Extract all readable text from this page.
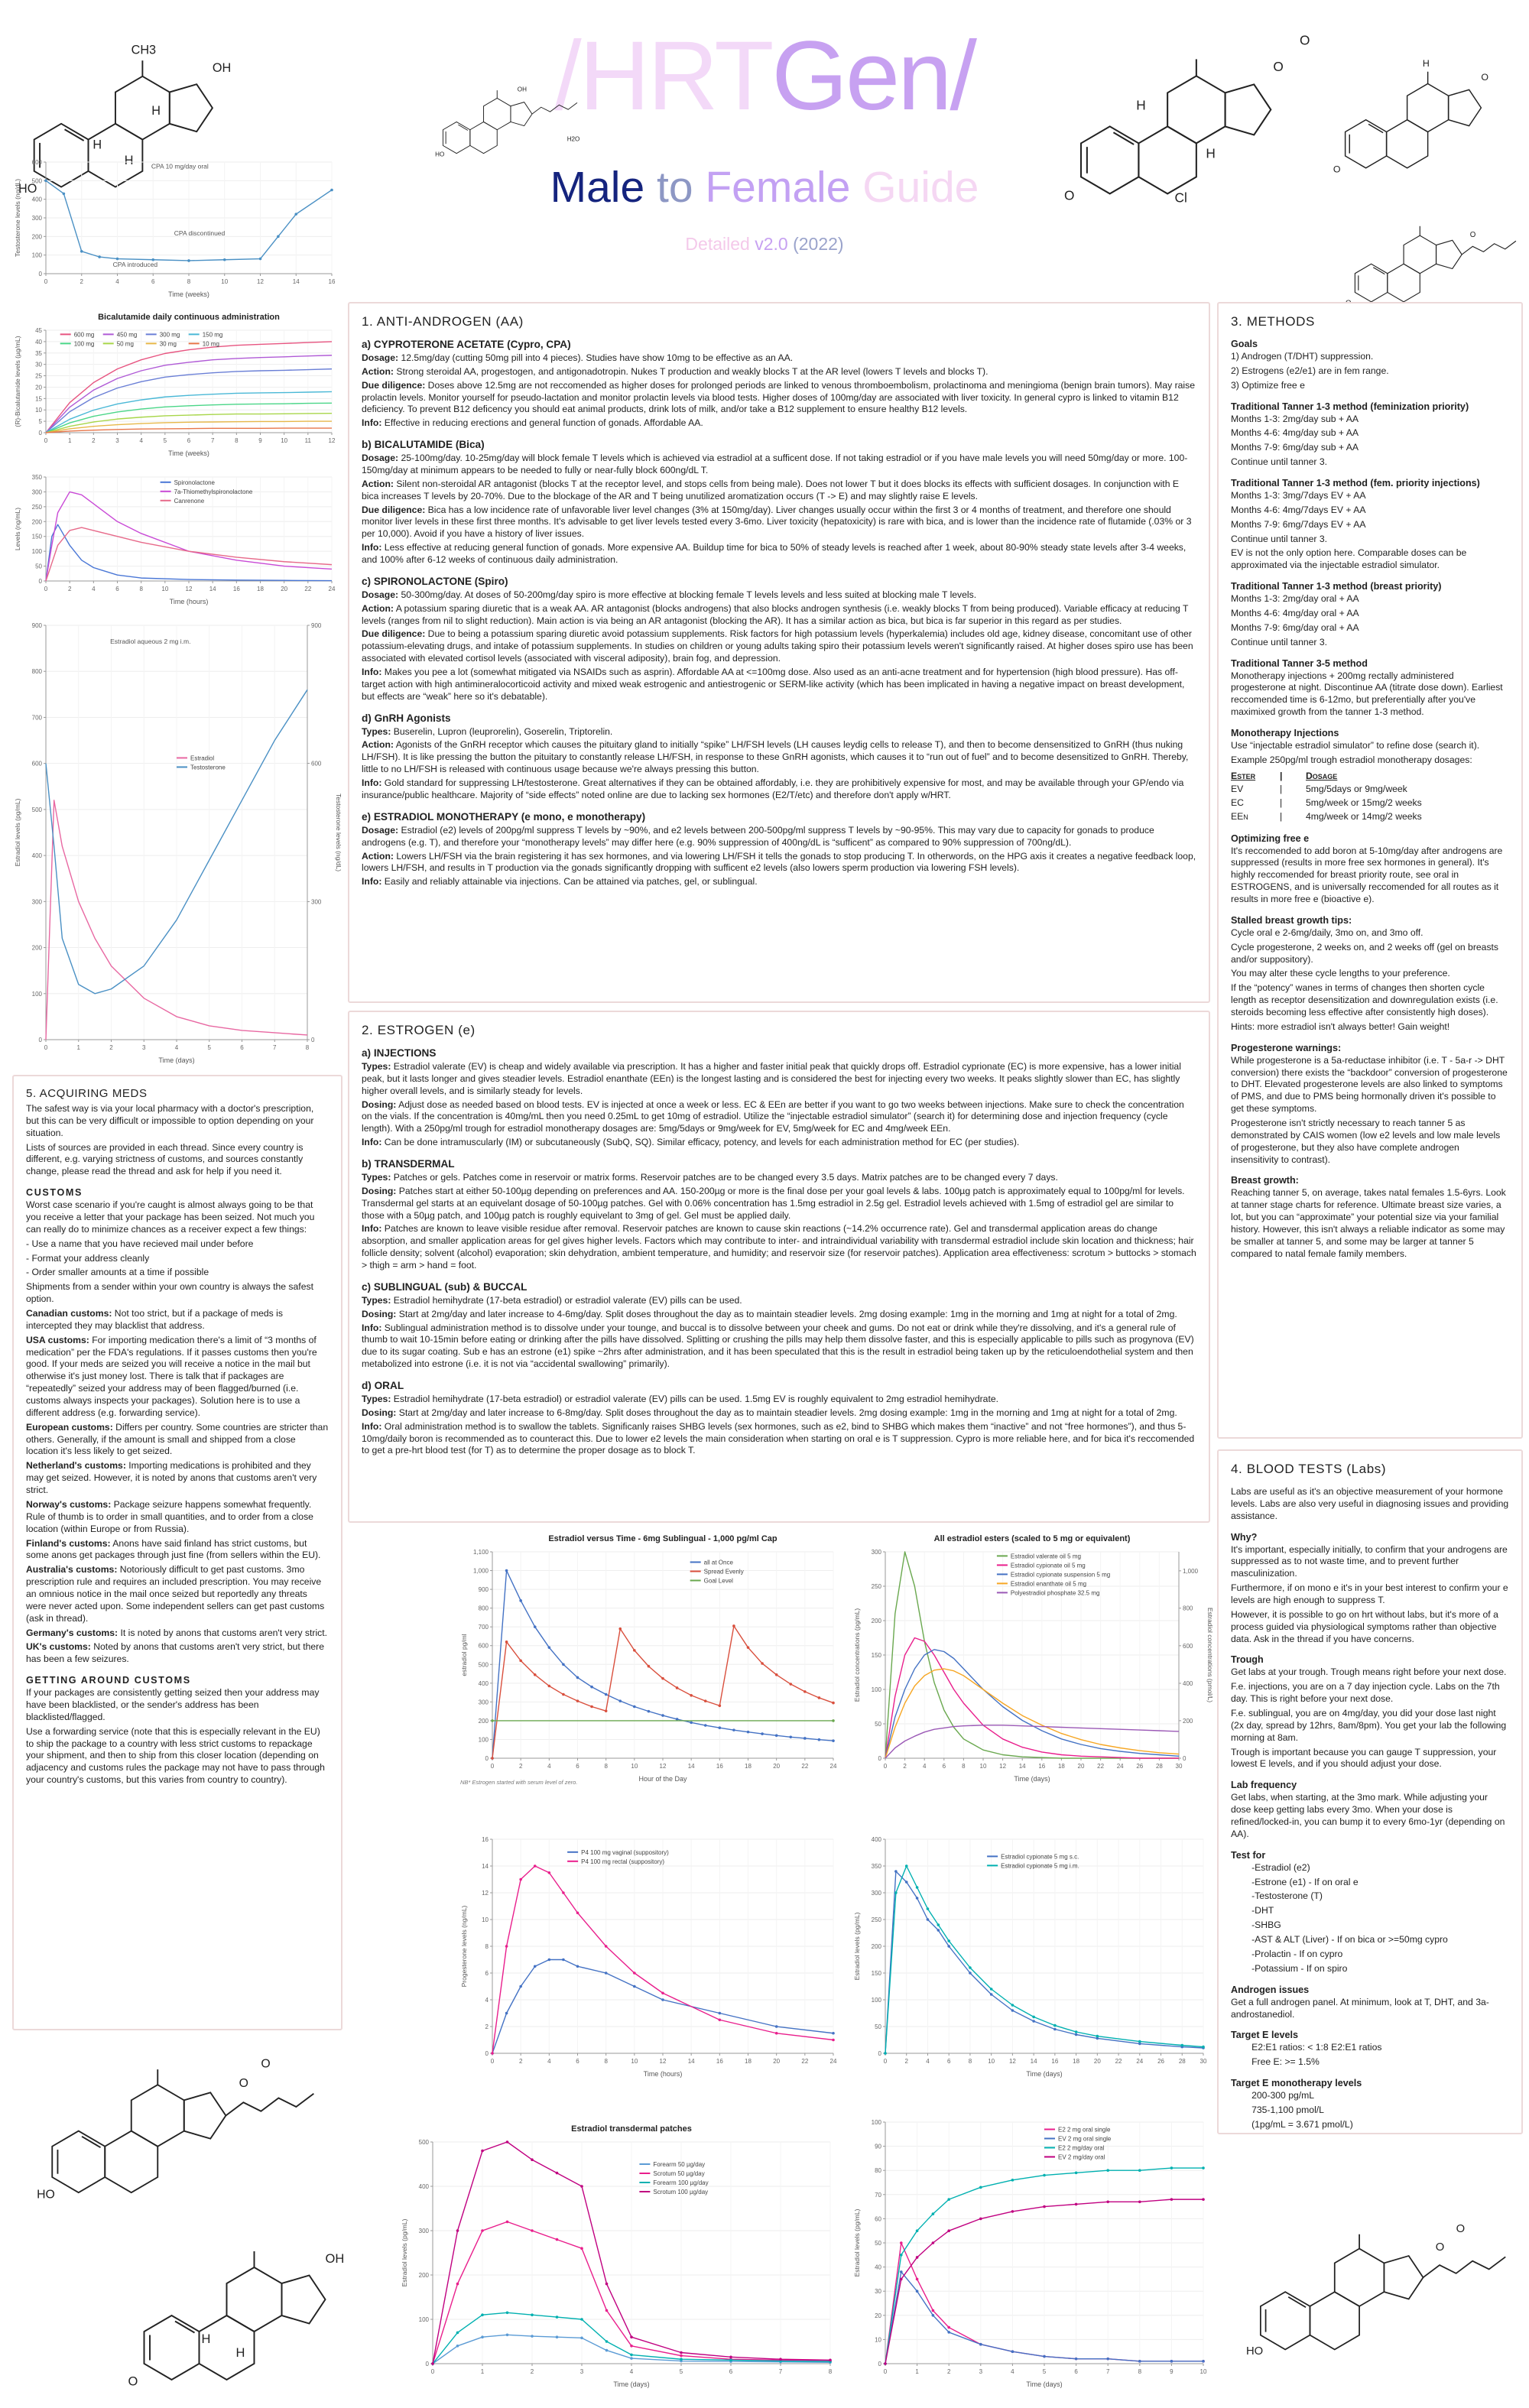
/HRTGen/
Male to Female Guide
Detailed v2.0 (2022)
HO
OH
CH3
H
H
H
HO
OH
H2O
O	Cl
O
O
H
H
O
O
H
O
HO
O
O
O
OH
H
H	HO
O
O
0	2	4	6	8	10	12	14	16
0
100
200
300
400
500
600
Time (weeks)
Testosterone levels (ng/dL)
CPA 10 mg/day oral
CPA discontinued
CPA introduced
0	1	2	3	4	5	6	7	8	9	10	11	12
0
5
10
15
20
25
30
35
40
45
Bicalutamide daily continuous administration
Time (weeks)
(R)-Bicalutamide levels (µg/mL)
600 mg	450 mg	300 mg	150 mg
100 mg	50 mg	30 mg	10 mg
0	2	4	6	8	10	12	14	16	18	20	22	24
0
50
100
150
200
250
300
350
Time (hours)
Levels (ng/mL)
Spironolactone
7a-Thiomethylspironolactone
Canrenone
0	1	2	3	4	5	6	7	8
0
100
200
300
400
500
600
700
800
900
0
300
600
900
Time (days)
Estradiol levels (pg/mL)	Testosterone levels (ng/dL)
Estradiol
Testosterone
Estradiol aqueous 2 mg i.m.
1. ANTI-ANDROGEN (AA)
a) CYPROTERONE ACETATE (Cypro, CPA)

Dosage: 12.5mg/day (cutting 50mg pill into 4 pieces). Studies have show 10mg to be effective as an AA.

Action: Strong steroidal AA, progestogen, and antigonadotropin. Nukes T production and weakly blocks T at the AR level (lowers T levels and blocks T).

Due diligence: Doses above 12.5mg are not reccomended as higher doses for prolonged periods are linked to venous thromboembolism, prolactinoma and meningioma (benign brain tumors). May raise prolactin levels. Monitor yourself for pseudo-lactation and monitor prolactin levels via blood tests. Higher doses of 100mg/day are associated with liver toxicity. In general cypro is linked to vitamin B12 deficiency. To prevent B12 deficency you should eat animal products, drink lots of milk, and/or take a B12 supplement to ensure healthy B12 levels.

Info: Effective in reducing erections and general function of gonads. Affordable AA.

b) BICALUTAMIDE (Bica)

Dosage: 25-100mg/day. 10-25mg/day will block female T levels which is achieved via estradiol at a sufficent dose. If not taking estradiol or if you have male levels you will need 50mg/day or more. 100-150mg/day at minimum appears to be needed to fully or near-fully block 600ng/dL T.

Action: Silent non-steroidal AR antagonist (blocks T at the receptor level, and stops cells from being male). Does not lower T but it does blocks its effects with sufficient dosages. In conjunction with E bica increases T levels by 20-70%. Due to the blockage of the AR and T being unutilized aromatization occurs (T -> E) and may slightly raise E levels.

Due diligence: Bica has a low incidence rate of unfavorable liver level changes (3% at 150mg/day). Liver changes usually occur within the first 3 or 4 months of treatment, and therefore one should monitor liver levels in these first three months. It's advisable to get liver levels tested every 3-6mo. Liver toxicity (hepatoxicity) is rare with bica, and is lower than the incidence rate of flutamide (.03% or 3 per 10,000). Avoid if you have a history of liver issues.

Info: Less effective at reducing general function of gonads. More expensive AA. Buildup time for bica to 50% of steady levels is reached after 1 week, about 80-90% steady state levels after 3-4 weeks, and 100% after 6-12 weeks of continuous daily administration.

c) SPIRONOLACTONE (Spiro)

Dosage: 50-300mg/day. At doses of 50-200mg/day spiro is more effective at blocking female T levels levels and less suited at blocking male T levels.

Action: A potassium sparing diuretic that is a weak AA. AR antagonist (blocks androgens) that also blocks androgen synthesis (i.e. weakly blocks T from being produced). Variable efficacy at reducing T levels (ranges from nil to slight reduction). Main action is via being an AR antagonist (blocking the AR). It has a similar action as bica, but bica is far superior in this regard as per studies.

Due diligence: Due to being a potassium sparing diuretic avoid potassium supplements. Risk factors for high potassium levels (hyperkalemia) includes old age, kidney disease, concomitant use of other potassium-elevating drugs, and intake of potassium supplements. In studies on children or young adults taking spiro their potassium levels weren't significantly raised. At higher doses spiro use has been associated with elevated cortisol levels (associated with visceral adiposity), brain fog, and depression.

Info: Makes you pee a lot (somewhat mitigated via NSAIDs such as asprin). Affordable AA at <=100mg dose. Also used as an anti-acne treatment and for hypertension (high blood pressure). Has off-target action with high antimineralocorticoid activity and mixed weak estrogenic and antiestrogenic or SERM-like activity (which has been implicated in having a negative impact on breast development, but effects are “weak” here so it's debatable).

d) GnRH Agonists

Types: Buserelin, Lupron (leuprorelin), Goserelin, Triptorelin.

Action: Agonists of the GnRH receptor which causes the pituitary gland to initially “spike” LH/FSH levels (LH causes leydig cells to release T), and then to become densensitized to GnRH (thus nuking LH/FSH). It is like pressing the button the pituitary to constantly release LH/FSH, in response to these GnRH agonists, which causes it to “run out of fuel” and to become desensitized to GnRH. Thereby, little to no LH/FSH is released with continuous usage because we're always pressing this button.

Info: Gold standard for suppressing LH/testosterone. Great alternatives if they can be obtained affordably, i.e. they are prohibitively expensive for most, and may be available through your GP/endo via insurance/public healthcare. Majority of “side effects” noted online are due to lacking sex hormones (E2/T/etc) and therefore don't apply w/HRT.

e) ESTRADIOL MONOTHERAPY (e mono, e monotherapy)

Dosage: Estradiol (e2) levels of 200pg/ml suppress T levels by ~90%, and e2 levels between 200-500pg/ml suppress T levels by ~90-95%. This may vary due to capacity for gonads to produce androgens (e.g. T), and therefore your “monotherapy levels” may differ here (e.g. 90% suppression of 400ng/dL is “sufficent” as compared to 90% suppression of 700ng/dL).

Action: Lowers LH/FSH via the brain registering it has sex hormones, and via lowering LH/FSH it tells the gonads to stop producing T. In otherwords, on the HPG axis it creates a negative feedback loop, lowers LH/FSH, and results in T production via the gonads significantly dropping with sufficent e2 levels (also lowers sperm production via lowering FSH levels).

Info: Easily and reliably attainable via injections. Can be attained via patches, gel, or sublingual.

2. ESTROGEN (e)
a) INJECTIONS

Types: Estradiol valerate (EV) is cheap and widely available via prescription. It has a higher and faster initial peak that quickly drops off. Estradiol cyprionate (EC) is more expensive, has a lower initial peak, but it lasts longer and gives steadier levels. Estradiol enanthate (EEn) is the longest lasting and is considered the best for injecting every two weeks. It peaks slightly slower than EC, has slightly higher overall levels, and is similarly steady for levels.

Dosing: Adjust dose as needed based on blood tests. EV is injected at once a week or less. EC & EEn are better if you want to go two weeks between injections. Make sure to check the concentration on the vials. If the concentration is 40mg/mL then you need 0.25mL to get 10mg of estradiol. Utilize the “injectable estradiol simulator” (search it) for determining dose and injection frequency (cycle length). With a 250pg/ml trough for estradiol monotherapy dosages are: 5mg/5days or 9mg/week for EV, 5mg/week for EC and 4mg/week EEn.

Info: Can be done intramuscularly (IM) or subcutaneously (SubQ, SQ). Similar efficacy, potency, and levels for each administration method for EC (per studies).

b) TRANSDERMAL

Types: Patches or gels. Patches come in reservoir or matrix forms. Reservoir patches are to be changed every 3.5 days. Matrix patches are to be changed every 7 days.

Dosing: Patches start at either 50-100µg depending on preferences and AA. 150-200µg or more is the final dose per your goal levels & labs. 100µg patch is approximately equal to 100pg/ml for levels. Transdermal gel starts at an equivelant dosage of 50-100µg patches. Gel with 0.06% concentration has 1.5mg estradiol in 2.5g gel. Estradiol levels achieved with 1.5mg of estradiol gel are similar to those with a 50µg patch, and 100µg patch is roughly equivelant to 3mg of gel. Gel must be applied daily.

Info: Patches are known to leave visible residue after removal. Reservoir patches are known to cause skin reactions (~14.2% occurrence rate). Gel and transdermal application areas do change absorption, and smaller application areas for gel gives higher levels. Factors which may contribute to inter- and intraindividual variability with transdermal estradiol include skin location and thickness; hair follicle density; solvent (alcohol) evaporation; skin dehydration, ambient temperature, and humidity; and reservoir size (for reservoir patches). Application area effectiveness: scrotum > buttocks > stomach > thigh = arm > hand = foot.

c) SUBLINGUAL (sub) & BUCCAL

Types: Estradiol hemihydrate (17-beta estradiol) or estradiol valerate (EV) pills can be used.

Dosing: Start at 2mg/day and later increase to 4-6mg/day. Split doses throughout the day as to maintain steadier levels. 2mg dosing example: 1mg in the morning and 1mg at night for a total of 2mg.

Info: Sublingual administration method is to dissolve under your tounge, and buccal is to dissolve between your cheek and gums. Do not eat or drink while they're dissolving, and it's a general rule of thumb to wait 10-15min before eating or drinking after the pills have dissolved. Splitting or crushing the pills may help them dissolve faster, and this is especially applicable to pills such as progynova (EV) due to its sugar coating. Sub e has an estrone (e1) spike ~2hrs after administration, and it has been speculated that this is the result in estradiol being taken up by the reticuloendothelial system and then metabolized into estrone (i.e. it is not via “accidental swallowing” primarily).

d) ORAL

Types: Estradiol hemihydrate (17-beta estradiol) or estradiol valerate (EV) pills can be used. 1.5mg EV is roughly equivalent to 2mg estradiol hemihydrate.

Dosing: Start at 2mg/day and later increase to 6-8mg/day. Split doses throughout the day as to maintain steadier levels. 2mg dosing example: 1mg in the morning and 1mg at night for a total of 2mg.

Info: Oral administration method is to swallow the tablets. Significanly raises SHBG levels (sex hormones, such as e2, bind to SHBG which makes them “inactive” and not “free hormones”), and thus 5-10mg/daily boron is recommended as to counteract this. Due to lower e2 levels the main consideration when starting on oral e is T suppression. Cypro is more reliable here, and for bica it's reccomended to get a pre-hrt blood test (for T) as to determine the proper dosage as to block T.

3. METHODS
Goals
1) Androgen (T/DHT) suppression.
2) Estrogens (e2/e1) are in fem range.
3) Optimize free e
Traditional Tanner 1-3 method (feminization priority)
Months 1-3: 2mg/day sub + AA
Months 4-6: 4mg/day sub + AA
Months 7-9: 6mg/day sub + AA
Continue until tanner 3.
Traditional Tanner 1-3 method (fem. priority injections)
Months 1-3: 3mg/7days EV + AA
Months 4-6: 4mg/7days EV + AA
Months 7-9: 6mg/7days EV + AA
Continue until tanner 3.
EV is not the only option here. Comparable doses can be approximated via the injectable estradiol simulator.
Traditional Tanner 1-3 method (breast priority)
Months 1-3: 2mg/day oral + AA
Months 4-6: 4mg/day oral + AA
Months 7-9: 6mg/day oral + AA
Continue until tanner 3.
Traditional Tanner 3-5 method
Monotherapy injections + 200mg rectally administered progesterone at night. Discontinue AA (titrate dose down). Earliest reccomended time is 6-12mo, but preferentially after you've maximixed growth from the tanner 1-3 method.
Monotherapy Injections
Use “injectable estradiol simulator” to refine dose (search it).
Example 250pg/ml trough estradiol monotherapy dosages:
Ester	|	Dosage
EV	|	5mg/5days or 9mg/week
EC	|	5mg/week or 15mg/2 weeks
EEn	|	4mg/week or 14mg/2 weeks
Optimizing free e
It's reccomended to add boron at 5-10mg/day after androgens are suppressed (results in more free sex hormones in general). It's highly reccomended for breast priority route, see oral in ESTROGENS, and is universally reccomended for all routes as it results in more free e (bioactive e).
Stalled breast growth tips:
Cycle oral e 2-6mg/daily, 3mo on, and 3mo off.
Cycle progesterone, 2 weeks on, and 2 weeks off (gel on breasts and/or suppository).
You may alter these cycle lengths to your preference.
If the “potency” wanes in terms of changes then shorten cycle length as receptor desensitization and downregulation exists (i.e. steroids becoming less effective after consistently high doses).
Hints: more estradiol isn't always better! Gain weight!
Progesterone warnings:
While progesterone is a 5a-reductase inhibitor (i.e. T - 5a-r -> DHT conversion) there exists the “backdoor” conversion of progesterone to DHT. Elevated progesterone levels are also linked to symptoms of PMS, and due to PMS being hormonally driven it's possible to get these symptoms.
Progesterone isn't strictly necessary to reach tanner 5 as demonstrated by CAIS women (low e2 levels and low male levels of progesterone, but they also have complete androgen insensitivity to contrast).
Breast growth:
Reaching tanner 5, on average, takes natal females 1.5-6yrs. Look at tanner stage charts for reference. Ultimate breast size varies, a lot, but you can “approximate” your potential size via your familial history. However, this isn't always a reliable indicator as some may be smaller at tanner 5, and some may be larger at tanner 5 compared to natal female family members.
4. BLOOD TESTS (Labs)
Labs are useful as it's an objective measurement of your hormone levels. Labs are also very useful in diagnosing issues and providing assistance.
Why?
It's important, especially initially, to confirm that your androgens are suppressed as to not waste time, and to prevent further masculinization.
Furthermore, if on mono e it's in your best interest to confirm your e levels are high enough to suppress T.
However, it is possible to go on hrt without labs, but it's more of a process guided via physiological symptoms rather than objective data. Ask in the thread if you have concerns.
Trough
Get labs at your trough. Trough means right before your next dose.
F.e. injections, you are on a 7 day injection cycle. Labs on the 7th day. This is right before your next dose.
F.e. sublingual, you are on 4mg/day, you did your dose last night (2x day, spread by 12hrs, 8am/8pm). You get your lab the following morning at 8am.
Trough is important because you can gauge T suppression, your lowest E levels, and if you should adjust your dose.
Lab frequency
Get labs, when starting, at the 3mo mark. While adjusting your dose keep getting labs every 3mo. When your dose is refined/locked-in, you can bump it to every 6mo-1yr (depending on AA).
Test for
-Estradiol (e2)
-Estrone (e1) - If on oral e
-Testosterone (T)
-DHT
-SHBG
-AST & ALT (Liver) - If on bica or >=50mg cypro
-Prolactin - If on cypro
-Potassium - If on spiro
Androgen issues
Get a full androgen panel. At minimum, look at T, DHT, and 3a-androstanediol.
Target E levels
E2:E1 ratios: < 1:8 E2:E1 ratios
Free E: >= 1.5%
Target E monotherapy levels
200-300 pg/mL
735-1,100 pmol/L
(1pg/mL = 3.671 pmol/L)
5. ACQUIRING MEDS

The safest way is via your local pharmacy with a doctor's prescription, but this can be very difficult or impossible to option depending on your situation.

Lists of sources are provided in each thread. Since every country is different, e.g. varying strictness of customs, and sources constantly change, please read the thread and ask for help if you need it.

CUSTOMS

Worst case scenario if you're caught is almost always going to be that you receive a letter that your package has been seized. Not much you can really do to minimize chances as a receiver expect a few things:

- Use a name that you have recieved mail under before

- Format your address cleanly

- Order smaller amounts at a time if possible

Shipments from a sender within your own country is always the safest option.

Canadian customs: Not too strict, but if a package of meds is intercepted they may blacklist that address.

USA customs: For importing medication there's a limit of “3 months of medication” per the FDA's regulations. If it passes customs then you're good. If your meds are seized you will receive a notice in the mail but otherwise it's just money lost. There is talk that if packages are “repeatedly” seized your address may of been flagged/burned (i.e. customs always inspects your packages). Solution here is to use a different address (e.g. forwarding service).

European customs: Differs per country. Some countries are stricter than others. Generally, if the amount is small and shipped from a close location it's less likely to get seized.

Netherland's customs: Importing medications is prohibited and they may get seized. However, it is noted by anons that customs aren't very strict.

Norway's customs: Package seizure happens somewhat frequently. Rule of thumb is to order in small quantities, and to order from a close location (within Europe or from Russia).

Finland's customs: Anons have said finland has strict customs, but some anons get packages through just fine (from sellers within the EU).

Australia's customs: Notoriously difficult to get past customs. 3mo prescription rule and requires an included prescription. You may receive an omnious notice in the mail once seized but reportedly any threats were never acted upon. Some independent sellers can get past customs (ask in thread).

Germany's customs: It is noted by anons that customs aren't very strict.

UK's customs: Noted by anons that customs aren't very strict, but there has been a few seizures.

GETTING AROUND CUSTOMS

If your packages are consistently getting seized then your address may have been blacklisted, or the sender's address has been blacklisted/flagged.

Use a forwarding service (note that this is especially relevant in the EU) to ship the package to a country with less strict customs to repackage your shipment, and then to ship from this closer location (depending on adjacency and customs rules the package may not have to pass through your country's customs, but this varies from country to country).

0	2	4	6	8	10	12	14	16	18	20	22	24
0
100
200
300
400
500
600
700
800
900
1,000
1,100
Estradiol versus Time - 6mg Sublingual - 1,000 pg/ml Cap
Hour of the Day
estradiol pg/ml
all at Once
Spread Evenly
Goal Level
NB* Estrogen started with serum level of zero.
0	2	4	6	8 10 12 14 16 18 20 22 24 26 28 30
0
50
100
150
200
250
300
0
200
400
600
800
1,000
All estradiol esters (scaled to 5 mg or equivalent)
Time (days)
Estradiol concentrations (pg/mL)	Estradiol concentrations (pmol/L)
Estradiol valerate oil 5 mg
Estradiol cypionate oil 5 mg
Estradiol cypionate suspension 5 mg
Estradiol enanthate oil 5 mg
Polyestradiol phosphate 32.5 mg
0	2	4	6	8	10	12	14	16	18	20	22	24
0
2
4
6
8
10
12
14
16
Time (hours)
Progesterone levels (ng/mL)
P4 100 mg vaginal (suppository)
P4 100 mg rectal (suppository)
0	2	4	6	8	10 12 14 16 18 20 22 24 26 28 30
0
50
100
150
200
250
300
350
400
Time (days)
Estradiol levels (pg/mL)
Estradiol cypionate 5 mg s.c.
Estradiol cypionate 5 mg i.m.
0	1	2	3	4	5	6	7	8
0
100
200
300
400
500
Estradiol transdermal patches
Time (days)
Estradiol levels (pg/mL)
Forearm 50 µg/day
Scrotum 50 µg/day
Forearm 100 µg/day
Scrotum 100 µg/day
0	1	2	3	4	5	6	7	8	9	10
0
10
20
30
40
50
60
70
80
90
100
Time (days)
Estradiol levels (pg/mL)
E2 2 mg oral single
EV 2 mg oral single
E2 2 mg/day oral
EV 2 mg/day oral
